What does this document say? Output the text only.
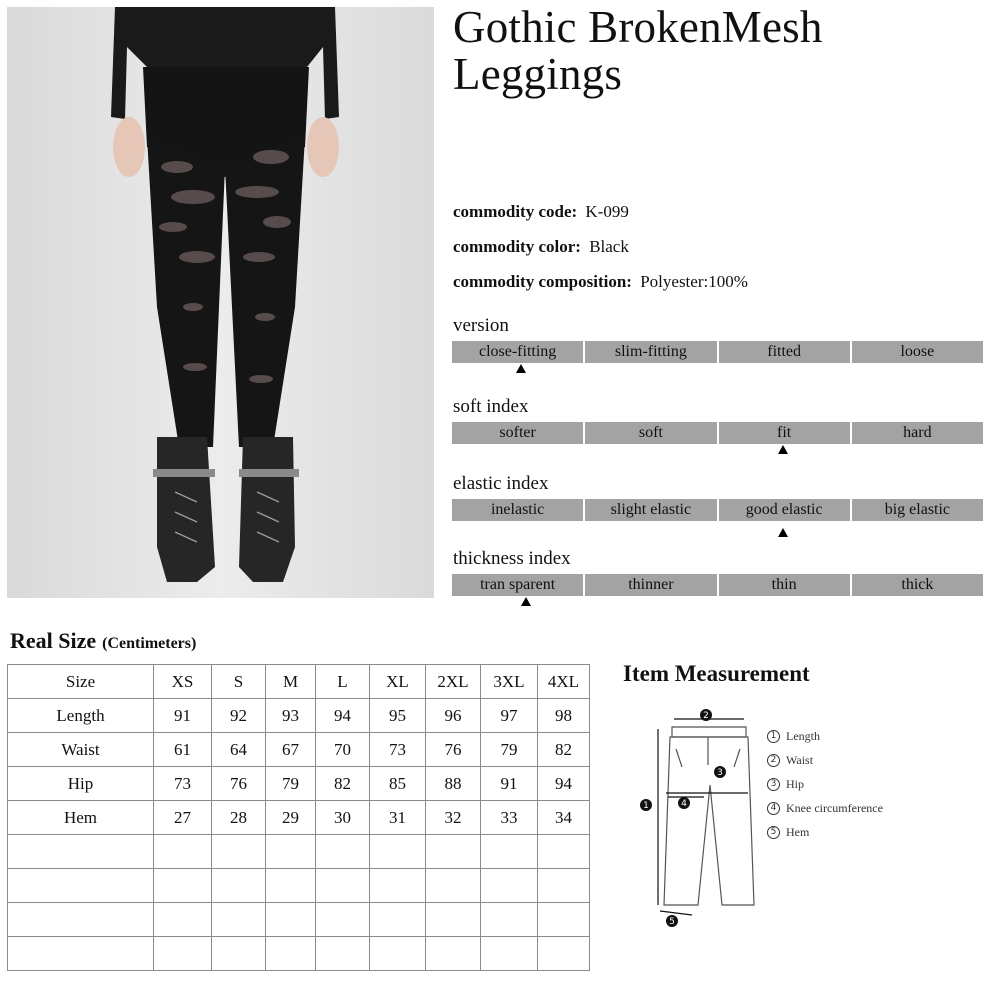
Gothic BrokenMesh Leggings
commodity code: K-099
commodity color: Black
commodity composition: Polyester:100%
version
close-fitting	slim-fitting	fitted	loose
soft index
softer	soft	fit	hard
elastic index
inelastic	slight elastic	good elastic	big elastic
thickness index
tran sparent	thinner	thin	thick
Real Size (Centimeters)
Size	XS	S	M	L	XL	2XL	3XL	4XL
Length	91	92	93	94	95	96	97	98
Waist	61	64	67	70	73	76	79	82
Hip	73	76	79	82	85	88	91	94
Hem	27	28	29	30	31	32	33	34

Item Measurement
2
3
4
1
5
1 Length
2 Waist
3 Hip
4 Knee circumference
5 Hem
